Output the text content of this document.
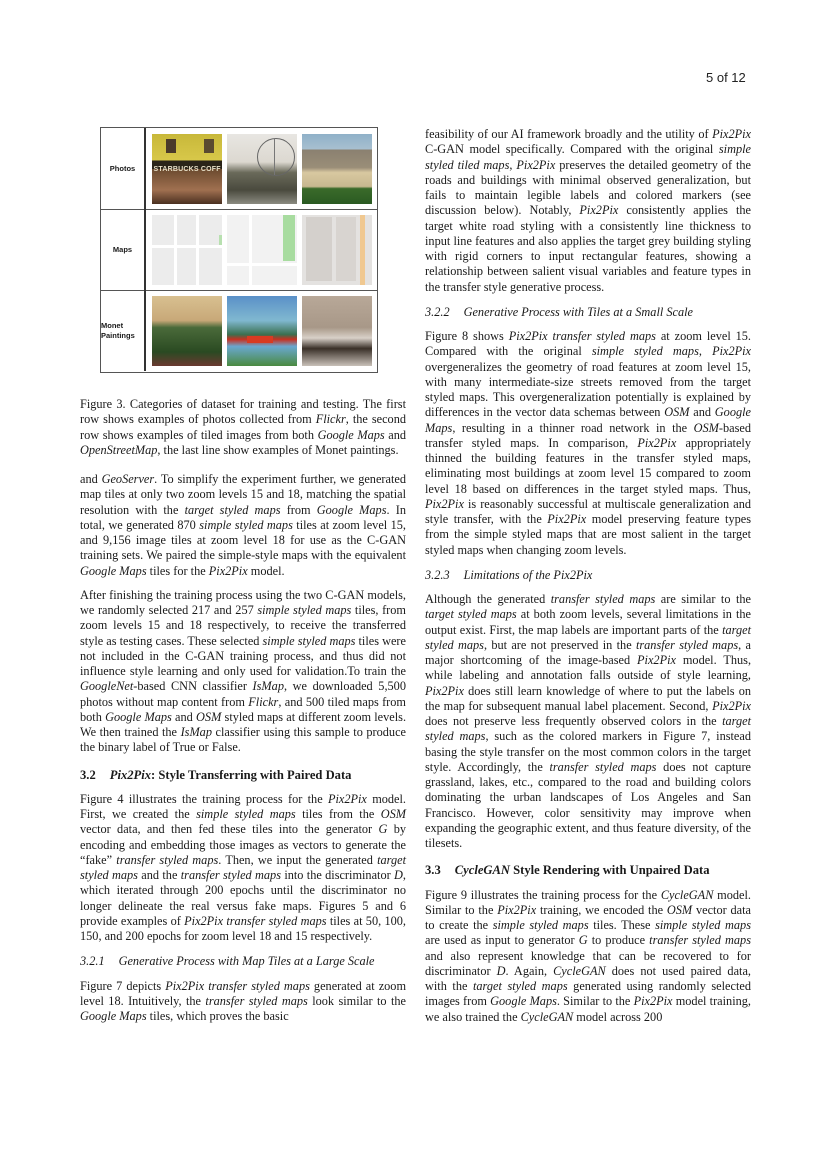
5 of 12
Photos	STARBUCKS COFF
Maps
Monet Paintings

Figure 3. Categories of dataset for training and testing. The first row shows examples of photos collected from Flickr, the second row shows examples of tiled images from both Google Maps and OpenStreetMap, the last line show examples of Monet paintings.

and GeoServer. To simplify the experiment further, we generated map tiles at only two zoom levels 15 and 18, matching the spatial resolution with the target styled maps from Google Maps. In total, we generated 870 simple styled maps tiles at zoom level 15, and 9,156 image tiles at zoom level 18 for use as the C-GAN training sets. We paired the simple-style maps with the equivalent Google Maps tiles for the Pix2Pix model.

After finishing the training process using the two C-GAN models, we randomly selected 217 and 257 simple styled maps tiles, from zoom levels 15 and 18 respectively, to receive the transferred style as testing cases. These selected simple styled maps tiles were not included in the C-GAN training process, and thus did not influence style learning and only used for validation.To train the GoogleNet-based CNN classifier IsMap, we downloaded 5,500 photos without map content from Flickr, and 500 tiled maps from both Google Maps and OSM styled maps at different zoom levels. We then trained the IsMap classifier using this sample to produce the binary label of True or False.

3.2 Pix2Pix: Style Transferring with Paired Data

Figure 4 illustrates the training process for the Pix2Pix model. First, we created the simple styled maps tiles from the OSM vector data, and then fed these tiles into the generator G by encoding and embedding those images as vectors to generate the “fake” transfer styled maps. Then, we input the generated target styled maps and the transfer styled maps into the discriminator D, which iterated through 200 epochs until the discriminator no longer delineate the real versus fake maps. Figures 5 and 6 provide examples of Pix2Pix transfer styled maps tiles at 50, 100, 150, and 200 epochs for zoom level 18 and 15 respectively.

3.2.1 Generative Process with Map Tiles at a Large Scale

Figure 7 depicts Pix2Pix transfer styled maps generated at zoom level 18. Intuitively, the transfer styled maps look similar to the Google Maps tiles, which proves the basic

feasibility of our AI framework broadly and the utility of Pix2Pix C-GAN model specifically. Compared with the original simple styled tiled maps, Pix2Pix preserves the detailed geometry of the roads and buildings with minimal observed generalization, but fails to maintain legible labels and colored markers (see discussion below). Notably, Pix2Pix consistently applies the target white road styling with a consistently line thickness to input line features and also applies the target grey building styling with rigid corners to input rectangular features, showing a relationship between salient visual variables and feature types in the transfer style generative process.

3.2.2 Generative Process with Tiles at a Small Scale

Figure 8 shows Pix2Pix transfer styled maps at zoom level 15. Compared with the original simple styled maps, Pix2Pix overgeneralizes the geometry of road features at zoom level 15, with many intermediate-size streets removed from the target styled maps. This overgeneralization potentially is explained by differences in the vector data schemas between OSM and Google Maps, resulting in a thinner road network in the OSM-based transfer styled maps. In comparison, Pix2Pix appropriately thinned the building features in the transfer styled maps, eliminating most buildings at zoom level 15 compared to zoom level 18 based on differences in the target styled maps. Thus, Pix2Pix is reasonably successful at multiscale generalization and style transfer, with the Pix2Pix model preserving feature types from the simple styled maps that are most salient in the target styled maps when changing zoom levels.

3.2.3 Limitations of the Pix2Pix

Although the generated transfer styled maps are similar to the target styled maps at both zoom levels, several limitations in the output exist. First, the map labels are important parts of the target styled maps, but are not preserved in the transfer styled maps, a major shortcoming of the image-based Pix2Pix model. Thus, while labeling and annotation falls outside of style learning, Pix2Pix does still learn knowledge of where to put the labels on the map for subsequent manual label placement. Second, Pix2Pix does not preserve less frequently observed colors in the target styled maps, such as the colored markers in Figure 7, instead basing the style transfer on the most common colors in the target style. Accordingly, the transfer styled maps does not capture grassland, lakes, etc., compared to the road and building colors dominating the urban landscapes of Los Angeles and San Francisco. However, color sensitivity may improve when expanding the geographic extent, and thus feature diversity, of the tilesets.

3.3 CycleGAN Style Rendering with Unpaired Data

Figure 9 illustrates the training process for the CycleGAN model. Similar to the Pix2Pix training, we encoded the OSM vector data to create the simple styled maps tiles. These simple styled maps are used as input to generator G to produce transfer styled maps and also represent knowledge that can be recovered to for discriminator D. Again, CycleGAN does not used paired data, with the target styled maps generated using randomly selected images from Google Maps. Similar to the Pix2Pix model training, we also trained the CycleGAN model across 200
